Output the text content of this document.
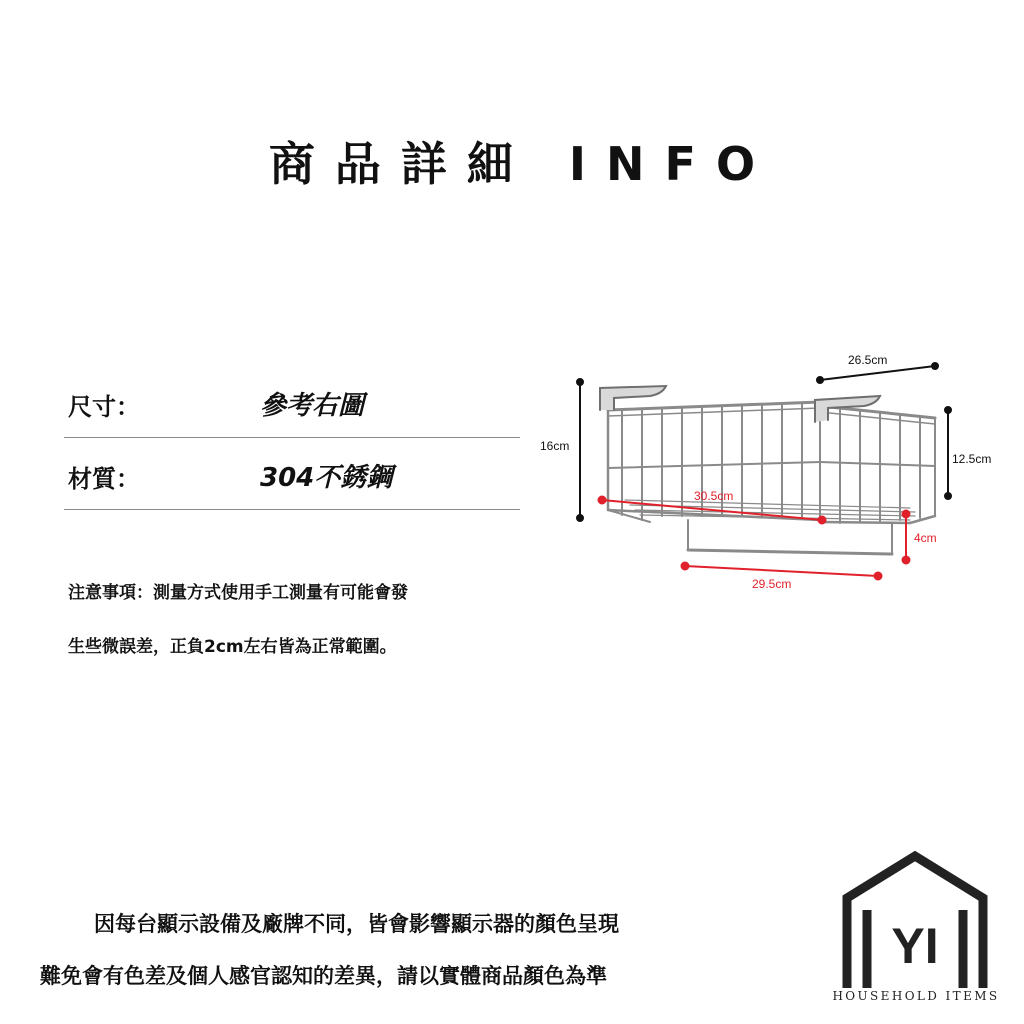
商品詳細 INFO
尺寸：	參考右圖
材質：	304不銹鋼
注意事項：測量方式使用手工測量有可能會發
生些微誤差，正負2cm左右皆為正常範圍。
26.5cm
16cm
12.5cm
30.5cm
4cm
29.5cm
因每台顯示設備及廠牌不同，皆會影響顯示器的顏色呈現
難免會有色差及個人感官認知的差異，請以實體商品顏色為準
YI
HOUSEHOLD ITEMS
